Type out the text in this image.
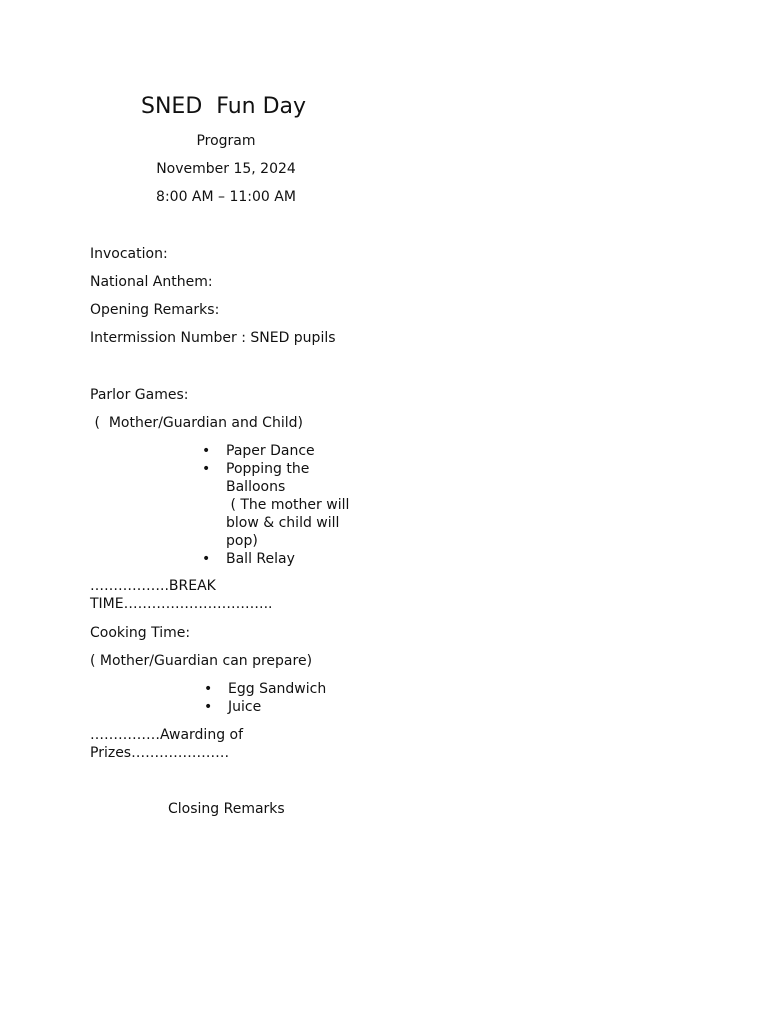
SNED  Fun Day

Program

November 15, 2024

8:00 AM – 11:00 AM

Invocation:

National Anthem:

Opening Remarks:

Intermission Number : SNED pupils

Parlor Games:

(  Mother/Guardian and Child)

• Paper Dance
• Popping the Balloons
( The mother will blow & child will pop)
• Ball Relay

……………..BREAK

TIME…………………………..

Cooking Time:

( Mother/Guardian can prepare)

• Egg Sandwich
• Juice

……………Awarding of

Prizes…………………

Closing Remarks
